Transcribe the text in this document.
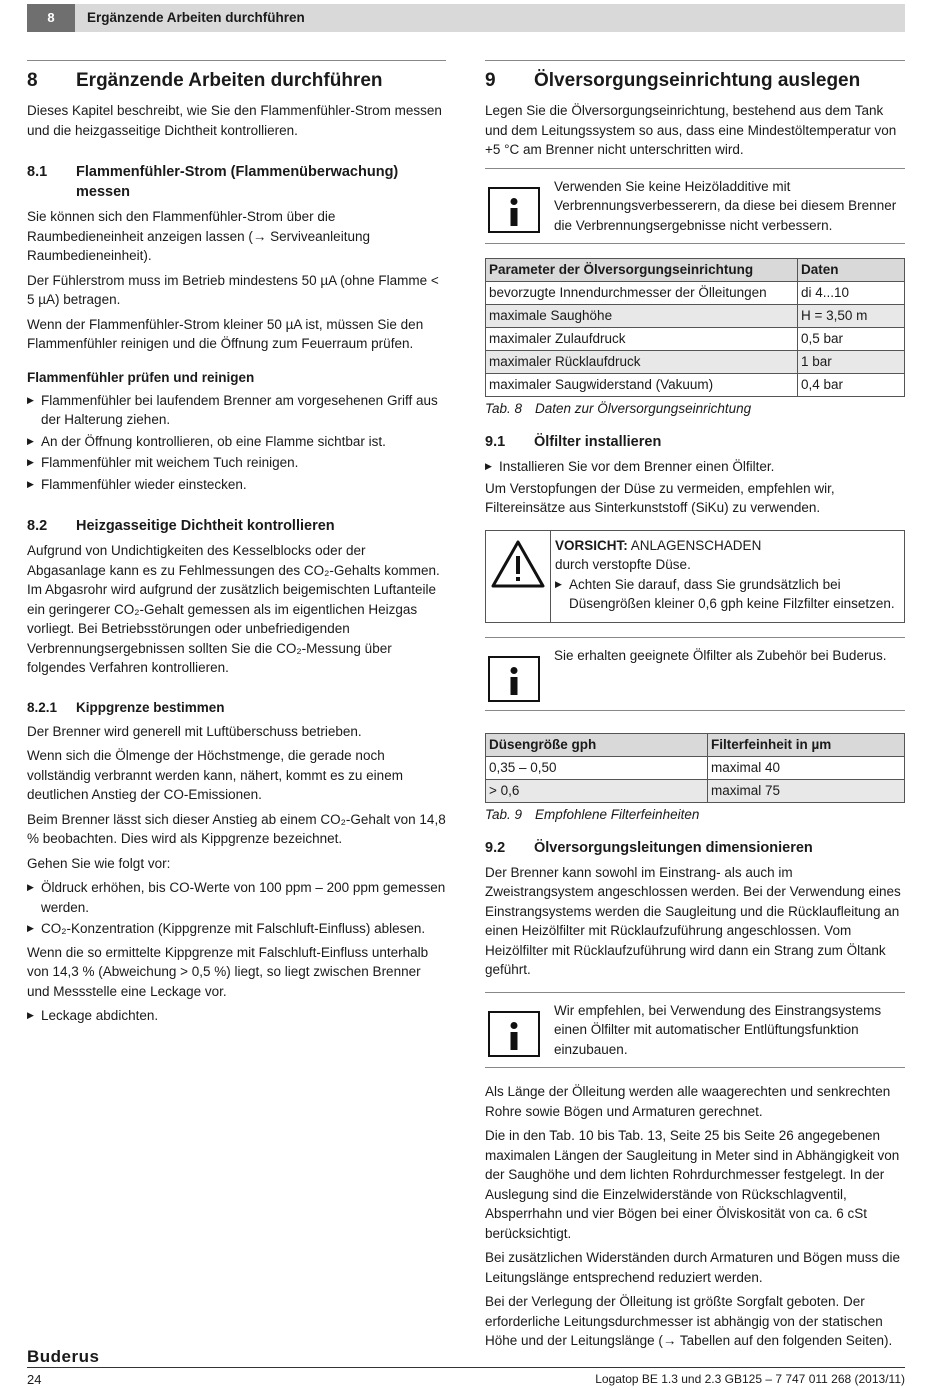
8	Ergänzende Arbeiten durchführen
8	Ergänzende Arbeiten durchführen

Dieses Kapitel beschreibt, wie Sie den Flammenfühler-Strom messen und die heizgasseitige Dichtheit kontrollieren.

8.1	Flammenfühler-Strom (Flammenüberwachung) messen

Sie können sich den Flammenfühler-Strom über die Raumbedieneinheit anzeigen lassen (→ Serviveanleitung Raumbedieneinheit).

Der Fühlerstrom muss im Betrieb mindestens 50 µA (ohne Flamme < 5 µA) betragen.

Wenn der Flammenfühler-Strom kleiner 50 µA ist, müssen Sie den Flammenfühler reinigen und die Öffnung zum Feuerraum prüfen.

Flammenfühler prüfen und reinigen
▶ Flammenfühler bei laufendem Brenner am vorgesehenen Griff aus der Halterung ziehen.
▶ An der Öffnung kontrollieren, ob eine Flamme sichtbar ist.
▶ Flammenfühler mit weichem Tuch reinigen.
▶ Flammenfühler wieder einstecken.
8.2	Heizgasseitige Dichtheit kontrollieren

Aufgrund von Undichtigkeiten des Kesselblocks oder der Abgasanlage kann es zu Fehlmessungen des CO₂-Gehalts kommen. Im Abgasrohr wird aufgrund der zusätzlich beigemischten Luftanteile ein geringerer CO₂-Gehalt gemessen als im eigentlichen Heizgas vorliegt. Bei Betriebsstörungen oder unbefriedigenden Verbrennungsergebnissen sollten Sie die CO₂-Messung über folgendes Verfahren kontrollieren.

8.2.1	Kippgrenze bestimmen

Der Brenner wird generell mit Luftüberschuss betrieben.

Wenn sich die Ölmenge der Höchstmenge, die gerade noch vollständig verbrannt werden kann, nähert, kommt es zu einem deutlichen Anstieg der CO-Emissionen.

Beim Brenner lässt sich dieser Anstieg ab einem CO₂-Gehalt von 14,8 % beobachten. Dies wird als Kippgrenze bezeichnet.

Gehen Sie wie folgt vor:

▶ Öldruck erhöhen, bis CO-Werte von 100 ppm – 200 ppm gemessen werden.
▶ CO₂-Konzentration (Kippgrenze mit Falschluft-Einfluss) ablesen.

Wenn die so ermittelte Kippgrenze mit Falschluft-Einfluss unterhalb von 14,3 % (Abweichung > 0,5 %) liegt, so liegt zwischen Brenner und Messstelle eine Leckage vor.

▶ Leckage abdichten.
9	Ölversorgungseinrichtung auslegen

Legen Sie die Ölversorgungseinrichtung, bestehend aus dem Tank und dem Leitungssystem so aus, dass eine Mindestöltemperatur von +5 °C am Brenner nicht unterschritten wird.

Verwenden Sie keine Heizöladditive mit Verbrennungsverbesserern, da diese bei diesem Brenner die Verbrennungsergebnisse nicht verbessern.
Parameter der Ölversorgungseinrichtung	Daten
bevorzugte Innendurchmesser der Ölleitungen	di 4...10
maximale Saughöhe	H = 3,50 m
maximaler Zulaufdruck	0,5 bar
maximaler Rücklaufdruck	1 bar
maximaler Saugwiderstand (Vakuum)	0,4 bar
Tab. 8 Daten zur Ölversorgungseinrichtung
9.1	Ölfilter installieren
▶ Installieren Sie vor dem Brenner einen Ölfilter.

Um Verstopfungen der Düse zu vermeiden, empfehlen wir, Filtereinsätze aus Sinterkunststoff (SiKu) zu verwenden.

VORSICHT: ANLAGENSCHADEN
durch verstopfte Düse.
▶ Achten Sie darauf, dass Sie grundsätzlich bei Düsengrößen kleiner 0,6 gph keine Filzfilter einsetzen.
Sie erhalten geeignete Ölfilter als Zubehör bei Buderus.
Düsengröße gph	Filterfeinheit in µm
0,35 – 0,50	maximal 40
> 0,6	maximal 75
Tab. 9 Empfohlene Filterfeinheiten
9.2	Ölversorgungsleitungen dimensionieren

Der Brenner kann sowohl im Einstrang- als auch im Zweistrangsystem angeschlossen werden. Bei der Verwendung eines Einstrangsystems werden die Saugleitung und die Rücklaufleitung an einen Heizölfilter mit Rücklaufzuführung angeschlossen. Vom Heizölfilter mit Rücklaufzuführung wird dann ein Strang zum Öltank geführt.

Wir empfehlen, bei Verwendung des Einstrangsystems einen Ölfilter mit automatischer Entlüftungsfunktion einzubauen.

Als Länge der Ölleitung werden alle waagerechten und senkrechten Rohre sowie Bögen und Armaturen gerechnet.

Die in den Tab. 10 bis Tab. 13, Seite 25 bis Seite 26 angegebenen maximalen Längen der Saugleitung in Meter sind in Abhängigkeit von der Saughöhe und dem lichten Rohrdurchmesser festgelegt. In der Auslegung sind die Einzelwiderstände von Rückschlagventil, Absperrhahn und vier Bögen bei einer Ölviskosität von ca. 6 cSt berücksichtigt.

Bei zusätzlichen Widerständen durch Armaturen und Bögen muss die Leitungslänge entsprechend reduziert werden.

Bei der Verlegung der Ölleitung ist größte Sorgfalt geboten. Der erforderliche Leitungsdurchmesser ist abhängig von der statischen Höhe und der Leitungslänge (→ Tabellen auf den folgenden Seiten).

Buderus
24	Logatop BE 1.3 und 2.3 GB125 – 7 747 011 268 (2013/11)
